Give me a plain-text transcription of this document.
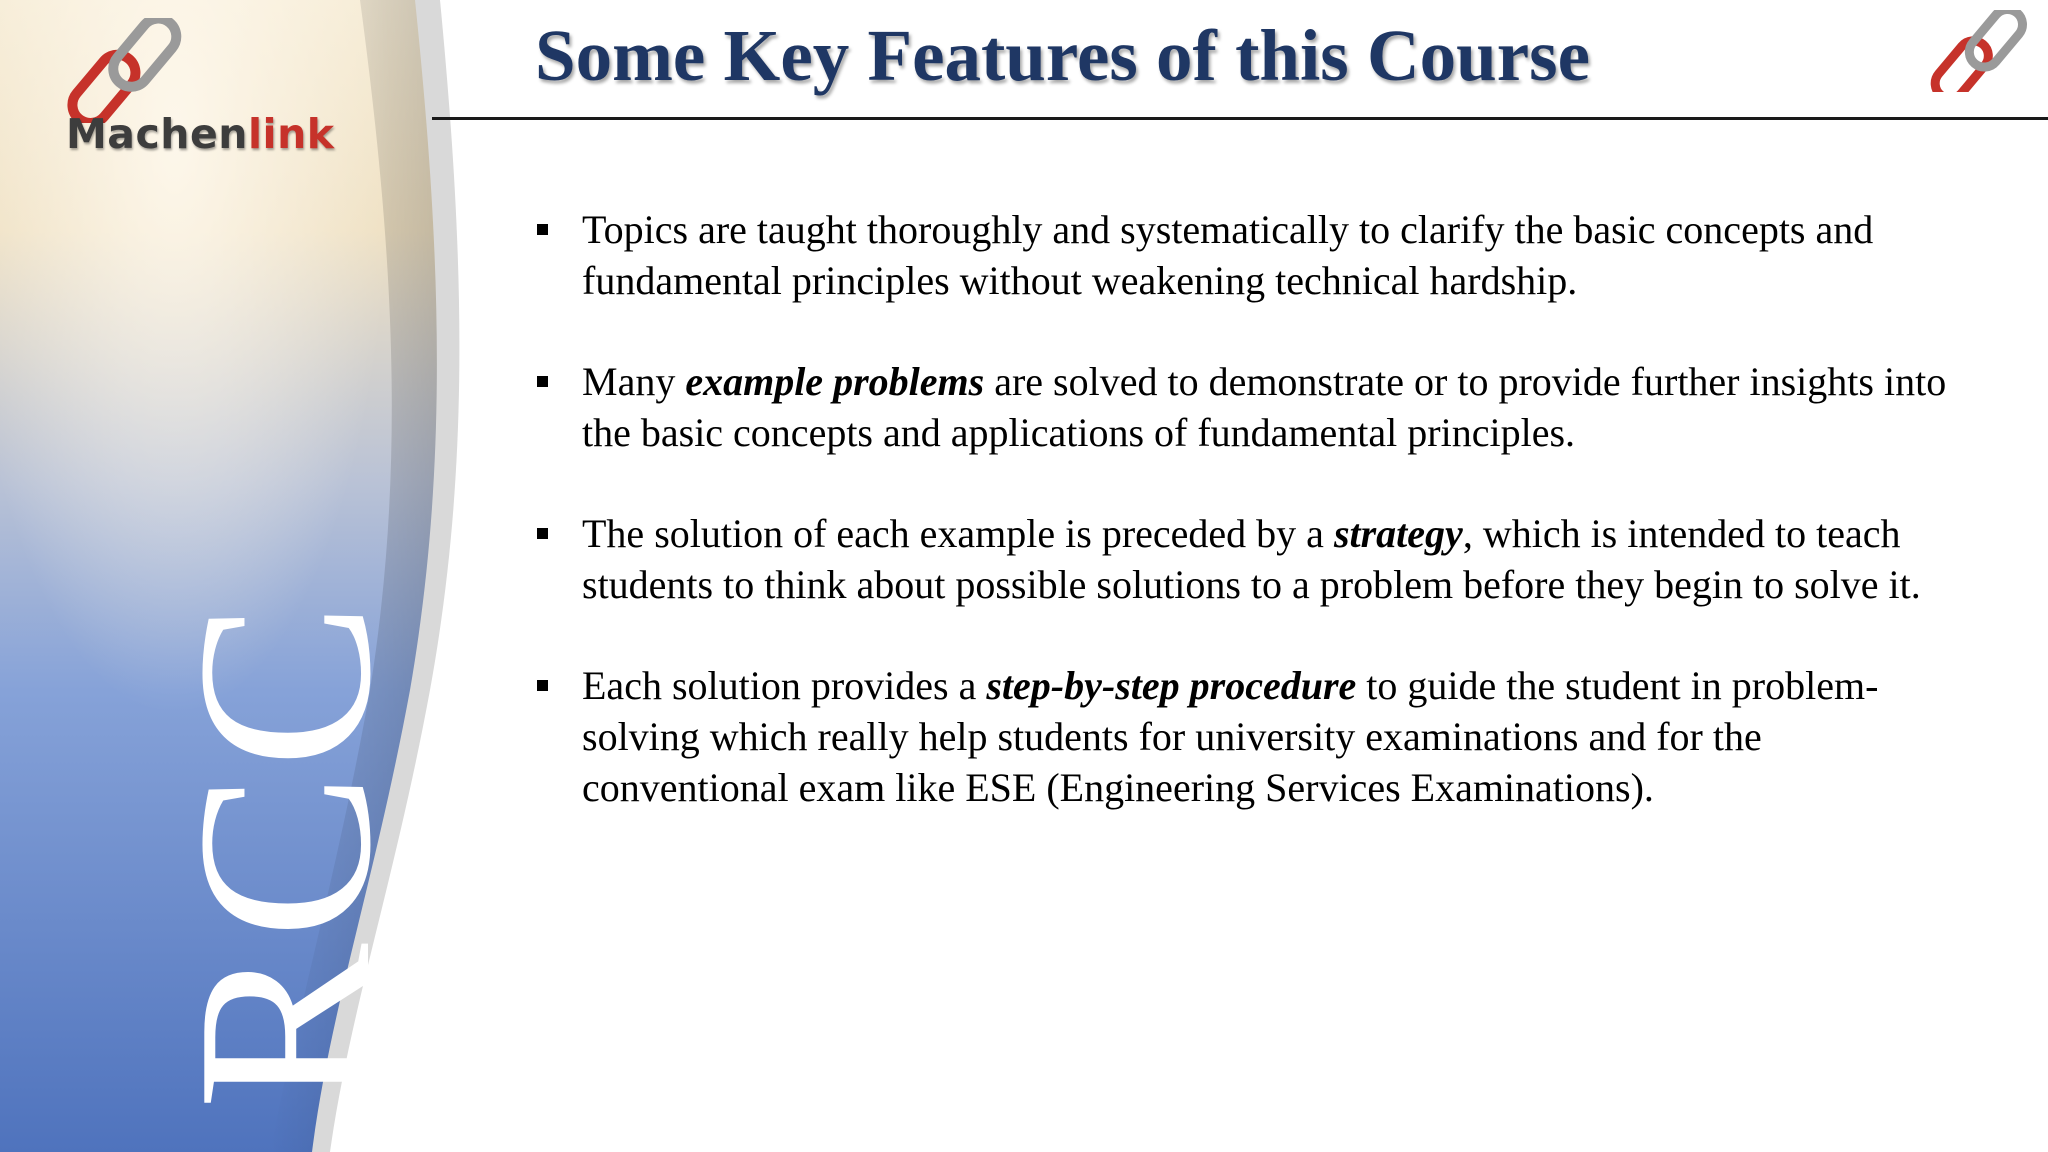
Machenlink
RCC
Some Key Features of this Course
Topics are taught thoroughly and systematically to clarify the basic concepts and fundamental principles without weakening technical hardship.
Many example problems are solved to demonstrate or to provide further insights into the basic concepts and applications of fundamental principles.
The solution of each example is preceded by a strategy, which is intended to teach students to think about possible solutions to a problem before they begin to solve it.
Each solution provides a step-by-step procedure to guide the student in problem-solving which really help students for university examinations and for the conventional exam like ESE (Engineering Services Examinations).
